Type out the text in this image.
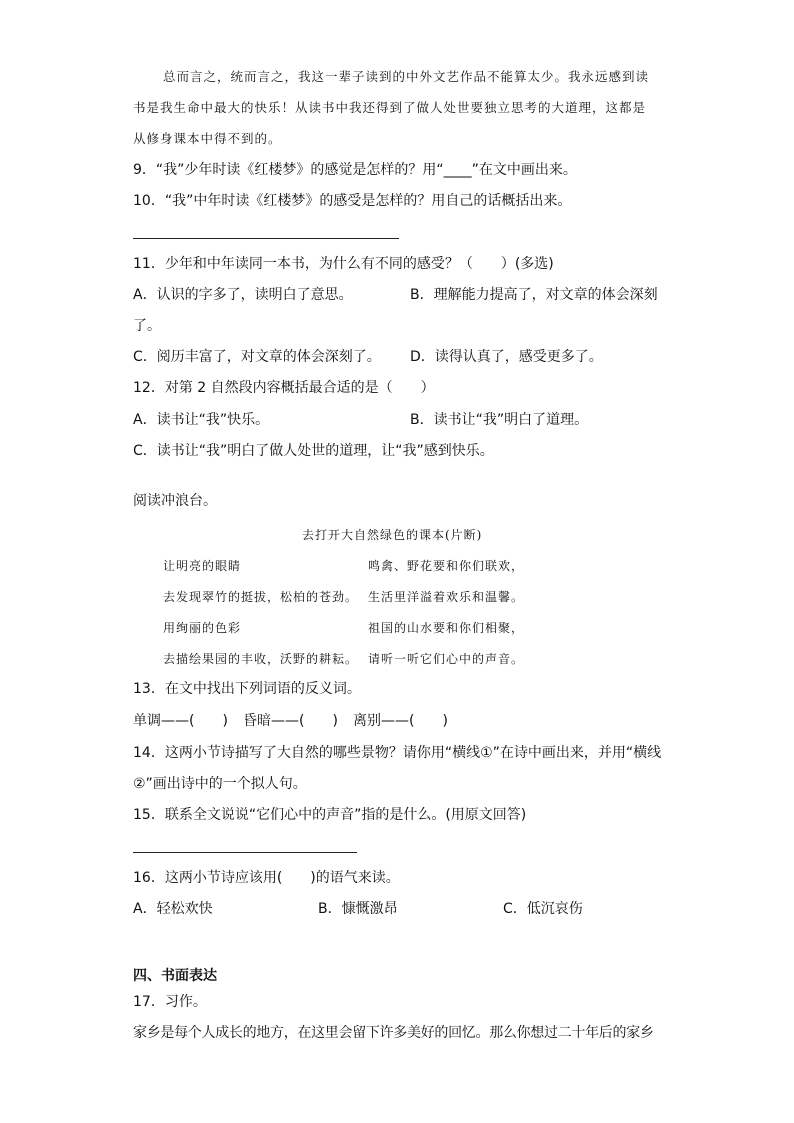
总而言之，统而言之，我这一辈子读到的中外文艺作品不能算太少。我永远感到读
书是我生命中最大的快乐！从读书中我还得到了做人处世要独立思考的大道理，这都是
从修身课本中得不到的。
9．“我”少年时读《红楼梦》的感觉是怎样的？用“____”在文中画出来。
10．“我”中年时读《红楼梦》的感受是怎样的？用自己的话概括出来。
11．少年和中年读同一本书，为什么有不同的感受？（　　）(多选)
A．认识的字多了，读明白了意思。	B．理解能力提高了，对文章的体会深刻
了。
C．阅历丰富了，对文章的体会深刻了。 D．读得认真了，感受更多了。
12．对第 2 自然段内容概括最合适的是（　　）
A．读书让“我”快乐。	B．读书让“我”明白了道理。
C．读书让“我”明白了做人处世的道理，让“我”感到快乐。
阅读冲浪台。
去打开大自然绿色的课本(片断)
让明亮的眼睛	鸣禽、野花要和你们联欢，
去发现翠竹的挺拔，松柏的苍劲。 生活里洋溢着欢乐和温馨。
用绚丽的色彩	祖国的山水要和你们相聚，
去描绘果园的丰收，沃野的耕耘。 请听一听它们心中的声音。
13．在文中找出下列词语的反义词。
单调——(　　) 昏暗——(　　) 离别——(　　)
14．这两小节诗描写了大自然的哪些景物？请你用“横线①”在诗中画出来，并用“横线
②”画出诗中的一个拟人句。
15．联系全文说说“它们心中的声音”指的是什么。(用原文回答)
16．这两小节诗应该用(　　)的语气来读。
A．轻松欢快	B．慷慨激昂	C．低沉哀伤
四、书面表达
17．习作。
家乡是每个人成长的地方，在这里会留下许多美好的回忆。那么你想过二十年后的家乡
